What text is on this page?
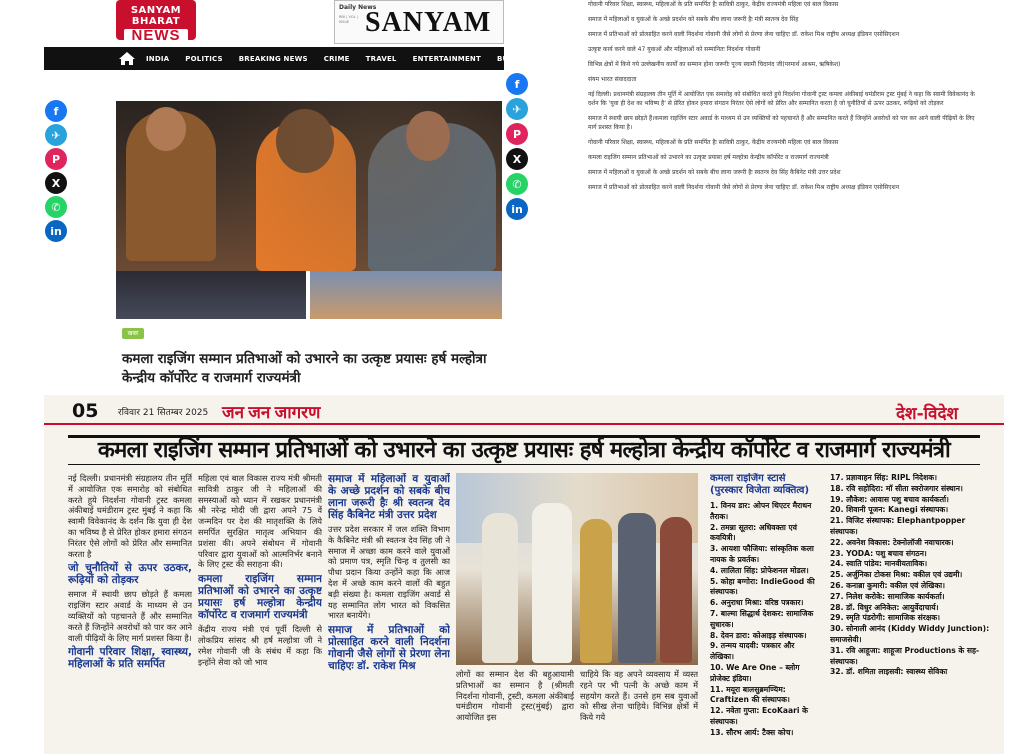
SANYAM BHARAT
NEWS
Daily News
RNI | VOL | ISSUE SANYAM
INDIA POLITICS BREAKING NEWS CRIME TRAVEL ENTERTAINMENT BUSINESS
खबर
कमला राइजिंग सम्मान प्रतिभाओं को उभारने का उत्कृष्ट प्रयासः हर्ष मल्होत्रा केन्द्रीय कॉर्पोरेट व राजमार्ग राज्यमंत्री
f
✈
P
X
✆
in
f
✈
P
X
✆
in

गोवानी परिवार शिक्षा, स्वास्थ्य, महिलाओं के प्रति समर्पित हैः सावित्री ठाकुर, केंद्रीय राज्यमंत्री महिला एवं बाल विकास

समाज में महिलाओं व युवाओं के अच्छे प्रदर्शन को सबके बीच लाना जरूरी हैः मंत्री स्वतन्त्र देव सिंह

समाज में प्रतिभाओं को प्रोत्साहित करने वाली निदर्शना गोवानी जैसे लोगों से प्रेरणा लेना चाहिएः डॉ. राकेश मिश्र राष्ट्रीय अध्यक्ष इंडियन एसोसिएशन

उत्कृष्ट कार्य करने वाले 47 युवाओं और महिलाओं को सम्मानितः निदर्शना गोवानी

विभिन्न क्षेत्रों में किये गये उल्लेखनीय कार्यों का सम्मान होना जरूरीः पूज्य स्वामी चिदानंद जी(परमार्थ आश्रम, ऋषिकेश)

संयम भारत संवाददाता

नई दिल्ली। प्रधानमंत्री संग्रहालय तीन मूर्ति में आयोजित एक समारोह को संबोधित करते हुये निदर्शना गोवानी ट्रस्ट कमला अंकीबाई घमंडीराम ट्रस्ट मुंबई ने कहा कि स्वामी विवेकानंद के दर्शन कि 'युवा ही देश का भविष्य है' से प्रेरित होकर हमारा संगठन निरंतर ऐसे लोगों को प्रेरित और सम्मानित करता है जो चुनौतियों से ऊपर उठकर, रूढ़ियों को तोड़कर

समाज में स्थायी छाप छोड़ते हैं।कमला राइजिंग स्टार अवार्ड के माध्यम से उन व्यक्तियों को पहचानते हैं और सम्मानित करते हैं जिन्होंने अवरोधों को पार कर आने वाली पीढ़ियों के लिए मार्ग प्रशस्त किया है।

गोवानी परिवार शिक्षा, स्वास्थ्य, महिलाओं के प्रति समर्पित हैः सावित्री ठाकुर, केंद्रीय राज्यमंत्री महिला एवं बाल विकास

कमला राइजिंग सम्मान प्रतिभाओं को उभारने का उत्कृष्ट प्रयासः हर्ष मल्होत्रा केन्द्रीय कॉर्पोरेट व राजमार्ग राज्यमंत्री

समाज में महिलाओं व युवाओं के अच्छे प्रदर्शन को सबके बीच लाना जरूरी हैः स्वतन्त्र देव सिंह कैबिनेट मंत्री उत्तर प्रदेश

समाज में प्रतिभाओं को प्रोत्साहित करने वाली निदर्शना गोवानी जैसे लोगों से प्रेरणा लेना चाहिएः डॉ. राकेश मिश्र राष्ट्रीय अध्यक्ष इंडियन एसोसिएशन

05 रविवार 21 सितम्बर 2025 जन जन जागरण	देश-विदेश
कमला राइजिंग सम्मान प्रतिभाओं को उभारने का उत्कृष्ट प्रयासः हर्ष मल्होत्रा केन्द्रीय कॉर्पोरेट व राजमार्ग राज्यमंत्री
नई दिल्ली। प्रधानमंत्री संग्रहालय तीन मूर्ति में आयोजित एक समारोह को संबोधित करते हुये निदर्शना गोवानी ट्रस्ट कमला अंकीबाई घमंडीराम ट्रस्ट मुंबई ने कहा कि स्वामी विवेकानंद के दर्शन कि युवा ही देश का भविष्य है से प्रेरित होकर हमारा संगठन निरंतर ऐसे लोगों को प्रेरित और सम्मानित करता है
जो चुनौतियों से ऊपर उठकर, रूढ़ियों को तोड़कर
समाज में स्थायी छाप छोड़ते हैं कमला राइजिंग स्टार अवार्ड के माध्यम से उन व्यक्तियों को पहचानते हैं और सम्मानित करते हैं जिन्होंने अवरोधों को पार कर आने वाली पीढ़ियों के लिए मार्ग प्रशस्त किया है।
गोवानी परिवार शिक्षा, स्वास्थ्य, महिलाओं के प्रति समर्पित
महिला एवं बाल विकास राज्य मंत्री श्रीमती सावित्री ठाकुर जी ने महिलाओं की समस्याओं को ध्यान में रखकर प्रधानमंत्री श्री नरेन्द्र मोदी जी द्वारा अपने 75 वें जन्मदिन पर देश की मातृशक्ति के लिये समर्पित सुरक्षित मातृत्व अभियान की प्रशंसा की। अपने संबोधन में गोवानी परिवार द्वारा युवाओं को आत्मनिर्भर बनाने के लिए ट्रस्ट की सराहना की।
कमला राइजिंग सम्मान प्रतिभाओं को उभारने का उत्कृष्ट प्रयासः हर्ष मल्होत्रा केन्द्रीय कॉर्पोरेट व राजमार्ग राज्यमंत्री
केंद्रीय राज्य मंत्री एवं पूर्वी दिल्ली से लोकप्रिय सांसद श्री हर्ष मल्होत्रा जी ने रमेश गोवानी जी के संबंध में कहा कि इन्होंने सेवा को जो भाव
समाज में महिलाओं व युवाओं के अच्छे प्रदर्शन को सबके बीच लाना जरूरी हैः श्री स्वतन्त्र देव सिंह कैबिनेट मंत्री उत्तर प्रदेश
उत्तर प्रदेश सरकार में जल शक्ति विभाग के कैबिनेट मंत्री श्री स्वतन्त्र देव सिंह जी ने समाज में अच्छा काम करने वाले युवाओं को प्रमाण पत्र, स्मृति चिन्ह व तुलसी का पौधा प्रदान किया उन्होंने कहा कि आज देश में अच्छे काम करने वालों की बहुत बड़ी संख्या है। कमला राइजिंग अवार्ड से यह सम्मानित लोग भारत को विकसित भारत बनायेंगे।
समाज में प्रतिभाओं को प्रोत्साहित करने वाली निदर्शना गोवानी जैसे लोगों से प्रेरणा लेना चाहिएः डॉ. राकेश मिश्र
लोगों का सम्मान देश की बहुआयामी प्रतिभाओं का सम्मान है (श्रीमती निदर्शना गोवानी, ट्रस्टी, कमला अंकीबाई घमंडीराम गोवानी ट्रस्ट(मुंबई) द्वारा आयोजित इस
चाहिये कि वह अपने व्यवसाय में व्यस्त रहने पर भी पत्नी के अच्छे काम में सहयोग करते हैं। उनसे हम सब युवाओं को सीख लेना चाहिये। विभिन्न क्षेत्रों में किये गये
कमला राइजिंग स्टार्स (पुरस्कार विजेता व्यक्तित्व)
1. विनय डार: ओपन थिएटर मैराथन तैराक।
2. तमन्ना सूतरा: अधिवक्ता एवं कवयित्री।
3. आयशा फौजिया: सांस्कृतिक कला नायक के प्रवर्तक।
4. लालिता सिंह: प्रोफेशनल मोडल।
5. कोहा बग्गोरा: IndieGood की संस्थापक।
6. अनुराधा मिश्रा: वरिष्ठ पत्रकार।
7. बाल्मा सिद्धार्थ देशकर: सामाजिक सुधारक।
8. देवन डारा: कोआइड़ संस्थापक।
9. तन्मय यादवी: पत्रकार और लेखिका।
10. We Are One – ब्लोग प्रोजेक्ट इंडिया।
11. मयूरा बालसुब्रमण्यिम: Craftizen की संस्थापक।
12. नवेता गुप्ता: EcoKaari के संस्थापक।
13. सौरभ आर्य: टैक्स कोच।
17. प्रज्ञावाहन सिंह: RIPL निदेशक।
18. रवि सहोदिरा: मॉ सीता स्वरोजगार संस्थान।
19. लौकेश: आवास पशु बचाव कार्यकर्ता।
20. शिवानी पूजन: Kanegi संस्थापक।
21. विजिट संस्थापक: Elephantpopper संस्थापक।
22. अवनेश विकास: टेक्नोलॉजी नवाचारक।
23. YODA: पशु बचाव संगठन।
24. स्वाति पांडेय: मानवीयताविक।
25. अर्जुनिका टोकस मिश्रा: वकील एवं उद्यमी।
26. कनाब्रा कुमारी: वकील एवं लेखिका।
27. निलेश करोके: सामाजिक कार्यकर्ता।
28. डॉ. विधुर अनिकेत: आयुर्वेदाचार्य।
29. स्मृति पंडरोगी: सामाजिक संरक्षक।
30. सोनाली आनंद (Kiddy Widdy Junction): समाजसेवी।
31. रवि आहूजा: शाहूजा Productions के सह-संस्थापक।
32. डॉ. शमिता लाइसवी: स्वास्थ्य सेविका
